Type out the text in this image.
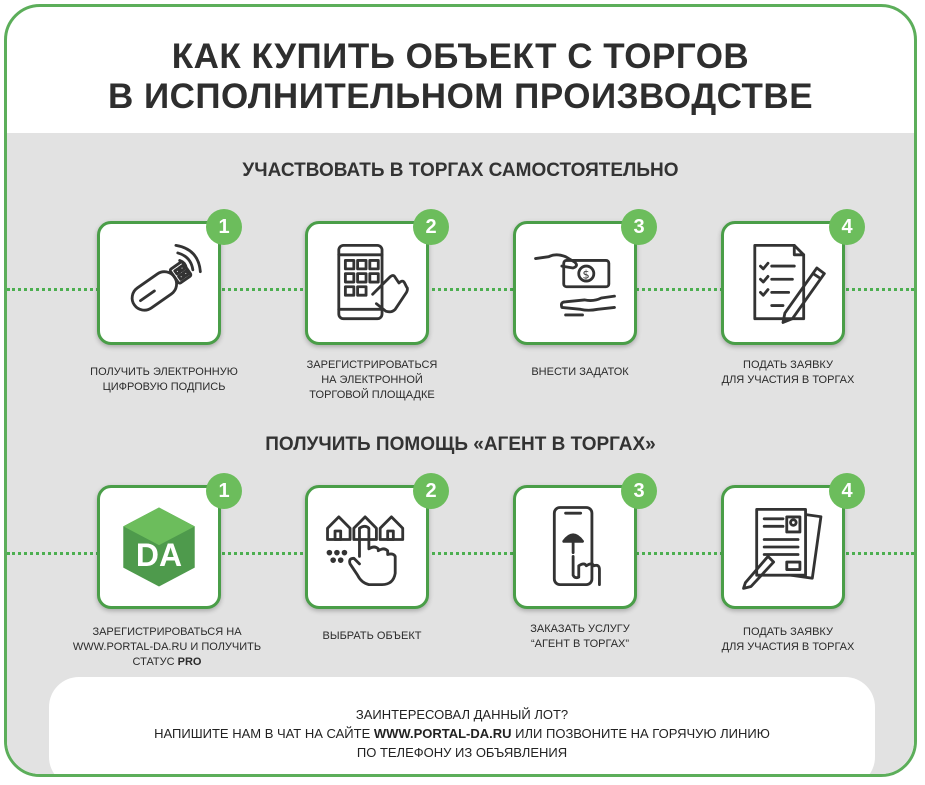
КАК КУПИТЬ ОБЪЕКТ С ТОРГОВ
В ИСПОЛНИТЕЛЬНОМ ПРОИЗВОДСТВЕ
УЧАСТВОВАТЬ В ТОРГАХ САМОСТОЯТЕЛЬНО
1
ПОЛУЧИТЬ ЭЛЕКТРОННУЮ
ЦИФРОВУЮ ПОДПИСЬ
2
ЗАРЕГИСТРИРОВАТЬСЯ
НА ЭЛЕКТРОННОЙ
ТОРГОВОЙ ПЛОЩАДКЕ
$
3
ВНЕСТИ ЗАДАТОК
4
ПОДАТЬ ЗАЯВКУ
ДЛЯ УЧАСТИЯ В ТОРГАХ
ПОЛУЧИТЬ ПОМОЩЬ «АГЕНТ В ТОРГАХ»
DA
1
ЗАРЕГИСТРИРОВАТЬСЯ НА
WWW.PORTAL-DA.RU И ПОЛУЧИТЬ
СТАТУС PRO
2
ВЫБРАТЬ ОБЪЕКТ
3
ЗАКАЗАТЬ УСЛУГУ
“АГЕНТ В ТОРГАХ”
4
ПОДАТЬ ЗАЯВКУ
ДЛЯ УЧАСТИЯ В ТОРГАХ
ЗАИНТЕРЕСОВАЛ ДАННЫЙ ЛОТ?
НАПИШИТЕ НАМ В ЧАТ НА САЙТЕ WWW.PORTAL-DA.RU ИЛИ ПОЗВОНИТЕ НА ГОРЯЧУЮ ЛИНИЮ
ПО ТЕЛЕФОНУ ИЗ ОБЪЯВЛЕНИЯ
